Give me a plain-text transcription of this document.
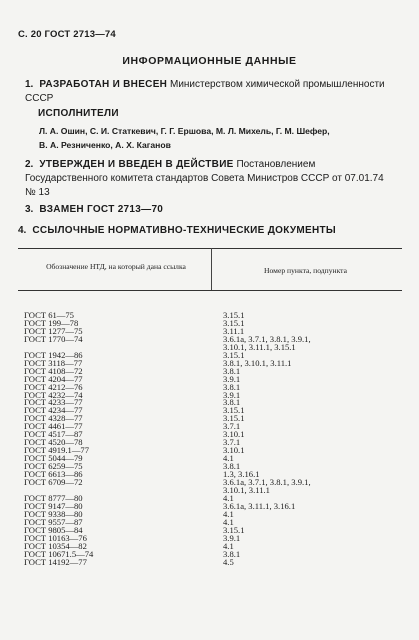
С. 20 ГОСТ 2713—74
ИНФОРМАЦИОННЫЕ ДАННЫЕ
1. РАЗРАБОТАН И ВНЕСЕН Министерством химической промышленности СССР
ИСПОЛНИТЕЛИ
Л. А. Ошин, С. И. Статкевич, Г. Г. Ершова, М. Л. Михель, Г. М. Шефер,
В. А. Резниченко, А. Х. Каганов
2. УТВЕРЖДЕН И ВВЕДЕН В ДЕЙСТВИЕ Постановлением Государственного комитета стандартов Совета Министров СССР от 07.01.74 № 13
3. ВЗАМЕН ГОСТ 2713—70
4. ССЫЛОЧНЫЕ НОРМАТИВНО-ТЕХНИЧЕСКИЕ ДОКУМЕНТЫ
Обозначение НТД, на который дана ссылка	Номер пункта, подпункта
ГОСТ 61—75	3.15.1
ГОСТ 199—78	3.15.1
ГОСТ 1277—75	3.11.1
ГОСТ 1770—74	3.6.1а, 3.7.1, 3.8.1, 3.9.1,
3.10.1, 3.11.1, 3.15.1
ГОСТ 1942—86	3.15.1
ГОСТ 3118—77	3.8.1, 3.10.1, 3.11.1
ГОСТ 4108—72	3.8.1
ГОСТ 4204—77	3.9.1
ГОСТ 4212—76	3.8.1
ГОСТ 4232—74	3.9.1
ГОСТ 4233—77	3.8.1
ГОСТ 4234—77	3.15.1
ГОСТ 4328—77	3.15.1
ГОСТ 4461—77	3.7.1
ГОСТ 4517—87	3.10.1
ГОСТ 4520—78	3.7.1
ГОСТ 4919.1—77	3.10.1
ГОСТ 5044—79	4.1
ГОСТ 6259—75	3.8.1
ГОСТ 6613—86	1.3, 3.16.1
ГОСТ 6709—72	3.6.1а, 3.7.1, 3.8.1, 3.9.1,
3.10.1, 3.11.1
ГОСТ 8777—80	4.1
ГОСТ 9147—80	3.6.1а, 3.11.1, 3.16.1
ГОСТ 9338—80	4.1
ГОСТ 9557—87	4.1
ГОСТ 9805—84	3.15.1
ГОСТ 10163—76	3.9.1
ГОСТ 10354—82	4.1
ГОСТ 10671.5—74	3.8.1
ГОСТ 14192—77	4.5
